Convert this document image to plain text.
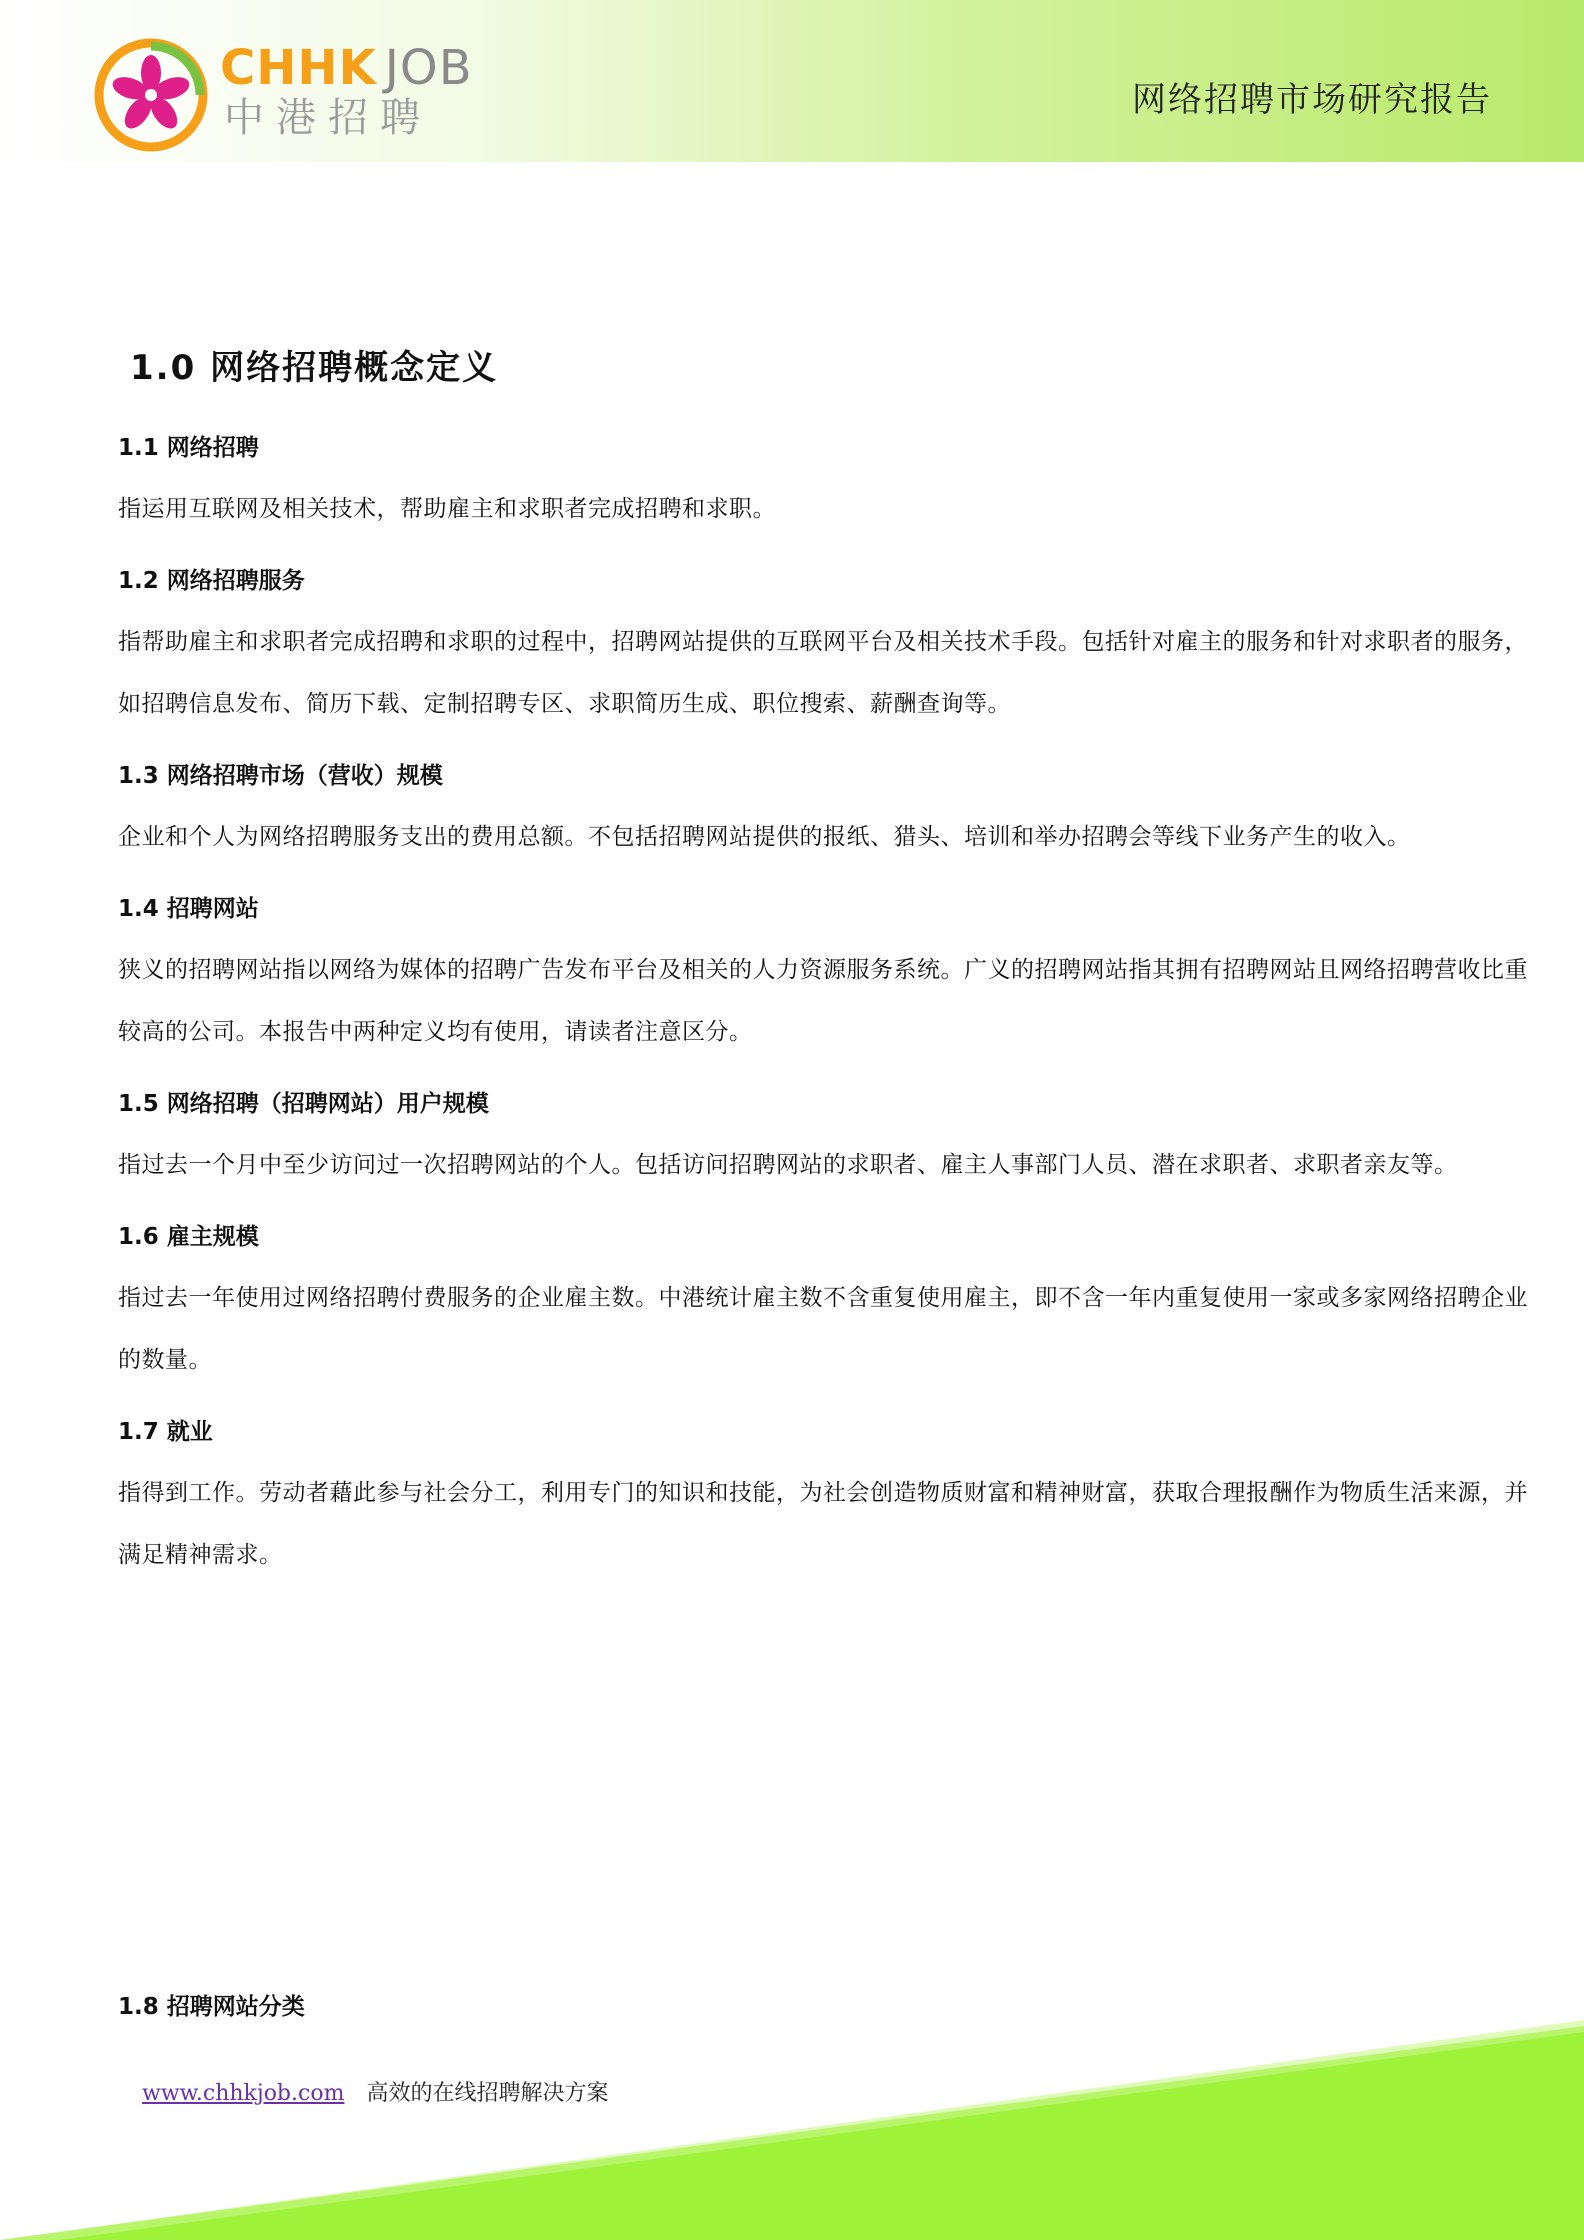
CHHK JOB
中港招聘	网络招聘市场研究报告
1.0 网络招聘概念定义
1.1 网络招聘

指运用互联网及相关技术，帮助雇主和求职者完成招聘和求职。

1.2 网络招聘服务

指帮助雇主和求职者完成招聘和求职的过程中，招聘网站提供的互联网平台及相关技术手段。包括针对雇主的服务和针对求职者的服务，如招聘信息发布、简历下载、定制招聘专区、求职简历生成、职位搜索、薪酬查询等。

1.3 网络招聘市场（营收）规模

企业和个人为网络招聘服务支出的费用总额。不包括招聘网站提供的报纸、猎头、培训和举办招聘会等线下业务产生的收入。

1.4 招聘网站

狭义的招聘网站指以网络为媒体的招聘广告发布平台及相关的人力资源服务系统。广义的招聘网站指其拥有招聘网站且网络招聘营收比重较高的公司。本报告中两种定义均有使用，请读者注意区分。

1.5 网络招聘（招聘网站）用户规模

指过去一个月中至少访问过一次招聘网站的个人。包括访问招聘网站的求职者、雇主人事部门人员、潜在求职者、求职者亲友等。

1.6 雇主规模

指过去一年使用过网络招聘付费服务的企业雇主数。中港统计雇主数不含重复使用雇主，即不含一年内重复使用一家或多家网络招聘企业的数量。

1.7 就业

指得到工作。劳动者藉此参与社会分工，利用专门的知识和技能，为社会创造物质财富和精神财富，获取合理报酬作为物质生活来源，并满足精神需求。

1.8 招聘网站分类
www.chhkjob.com 高效的在线招聘解决方案
